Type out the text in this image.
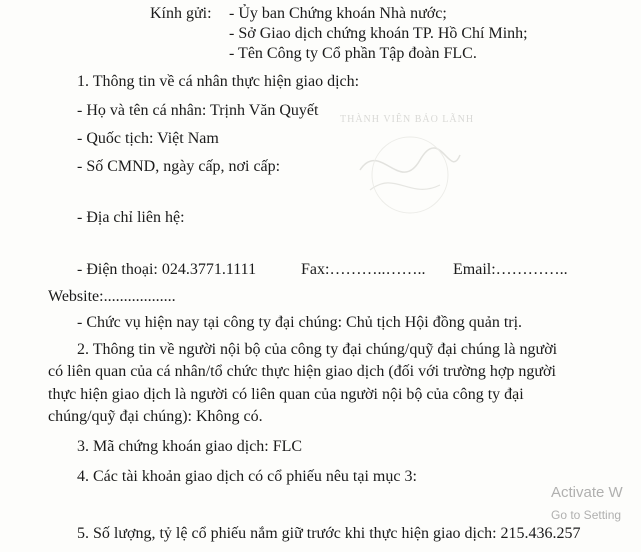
THÀNH VIÊN BẢO LÃNH
Kính gửi: - Ủy ban Chứng khoán Nhà nước;
- Sở Giao dịch chứng khoán TP. Hồ Chí Minh;
- Tên Công ty Cổ phần Tập đoàn FLC.
1. Thông tin về cá nhân thực hiện giao dịch:
- Họ và tên cá nhân: Trịnh Văn Quyết
- Quốc tịch: Việt Nam
- Số CMND, ngày cấp, nơi cấp:
- Địa chỉ liên hệ:
- Điện thoại: 024.3771.1111	Fax:………..…….. Email:…………..
Website:..................
- Chức vụ hiện nay tại công ty đại chúng: Chủ tịch Hội đồng quản trị.
2. Thông tin về người nội bộ của công ty đại chúng/quỹ đại chúng là người
có liên quan của cá nhân/tổ chức thực hiện giao dịch (đối với trường hợp người
thực hiện giao dịch là người có liên quan của người nội bộ của công ty đại
chúng/quỹ đại chúng): Không có.
3. Mã chứng khoán giao dịch: FLC
4. Các tài khoản giao dịch có cổ phiếu nêu tại mục 3:
5. Số lượng, tỷ lệ cổ phiếu nắm giữ trước khi thực hiện giao dịch: 215.436.257
Activate W
Go to Setting
